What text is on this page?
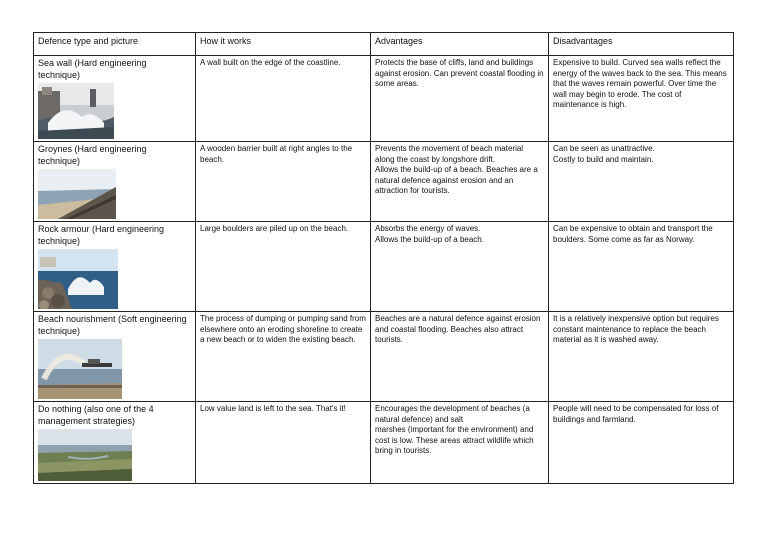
Defence type and picture	How it works	Advantages	Disadvantages

Sea wall (Hard engineering technique)	A wall built on the edge of the coastline.	Protects the base of cliffs, land and buildings against erosion. Can prevent coastal flooding in some areas.	Expensive to build. Curved sea walls reflect the energy of the waves back to the sea. This means that the waves remain powerful. Over time the wall may begin to erode. The cost of maintenance is high.

Groynes (Hard engineering technique)	A wooden barrier built at right angles to the beach.	Prevents the movement of beach material along the coast by longshore drift.
Allows the build-up of a beach. Beaches are a natural defence against erosion and an attraction for tourists.	Can be seen as unattractive.
Costly to build and maintain.

Rock armour (Hard engineering technique)	Large boulders are piled up on the beach.	Absorbs the energy of waves.
Allows the build-up of a beach.	Can be expensive to obtain and transport the boulders. Some come as far as Norway.

Beach nourishment (Soft engineering technique)	The process of dumping or pumping sand from elsewhere onto an eroding shoreline to create a new beach or to widen the existing beach.	Beaches are a natural defence against erosion and coastal flooding. Beaches also attract tourists.	It is a relatively inexpensive option but requires constant maintenance to replace the beach material as it is washed away.

Do nothing (also one of the 4 management strategies)	Low value land is left to the sea. That's it!	Encourages the development of beaches (a natural defence) and salt
marshes (important for the environment) and cost is low. These areas attract wildlife which bring in tourists.	People will need to be compensated for loss of buildings and farmland.
